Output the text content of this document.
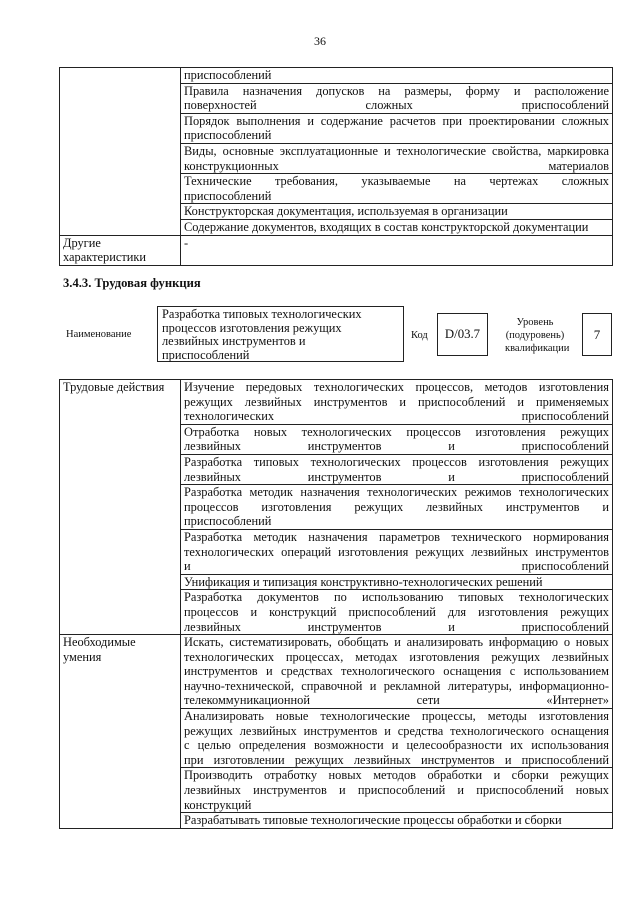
36

	приспособлений

	Правила назначения допусков на размеры, форму и расположение
поверхностей сложных приспособлений

	Порядок выполнения и содержание расчетов при проектировании сложных
приспособлений

	Виды, основные эксплуатационные и технологические свойства, маркировка
конструкционных материалов

	Технические требования, указываемые на чертежах сложных
приспособлений

	Конструкторская документация, используемая в организации

	Содержание документов, входящих в состав конструкторской документации

Другие
характеристики	-
3.4.3. Трудовая функция
Наименование
Разработка типовых технологических
процессов изготовления режущих
лезвийных инструментов и
приспособлений
Код	D/03.7
Уровень
(подуровень)
квалификации
7
Трудовые действия	Изучение передовых технологических процессов, методов изготовления
режущих лезвийных инструментов и приспособлений и применяемых
технологических приспособлений

	Отработка новых технологических процессов изготовления режущих
лезвийных инструментов и приспособлений

	Разработка типовых технологических процессов изготовления режущих
лезвийных инструментов и приспособлений

	Разработка методик назначения технологических режимов технологических
процессов изготовления режущих лезвийных инструментов и
приспособлений

	Разработка методик назначения параметров технического нормирования
технологических операций изготовления режущих лезвийных инструментов
и приспособлений

	Унификация и типизация конструктивно-технологических решений

	Разработка документов по использованию типовых технологических
процессов и конструкций приспособлений для изготовления режущих
лезвийных инструментов и приспособлений

Необходимые
умения	Искать, систематизировать, обобщать и анализировать информацию о новых
технологических процессах, методах изготовления режущих лезвийных
инструментов и средствах технологического оснащения с использованием
научно-технической, справочной и рекламной литературы, информационно-
телекоммуникационной сети «Интернет»

	Анализировать новые технологические процессы, методы изготовления
режущих лезвийных инструментов и средства технологического оснащения
с целью определения возможности и целесообразности их использования
при изготовлении режущих лезвийных инструментов и приспособлений

	Производить отработку новых методов обработки и сборки режущих
лезвийных инструментов и приспособлений и приспособлений новых
конструкций

	Разрабатывать типовые технологические процессы обработки и сборки
